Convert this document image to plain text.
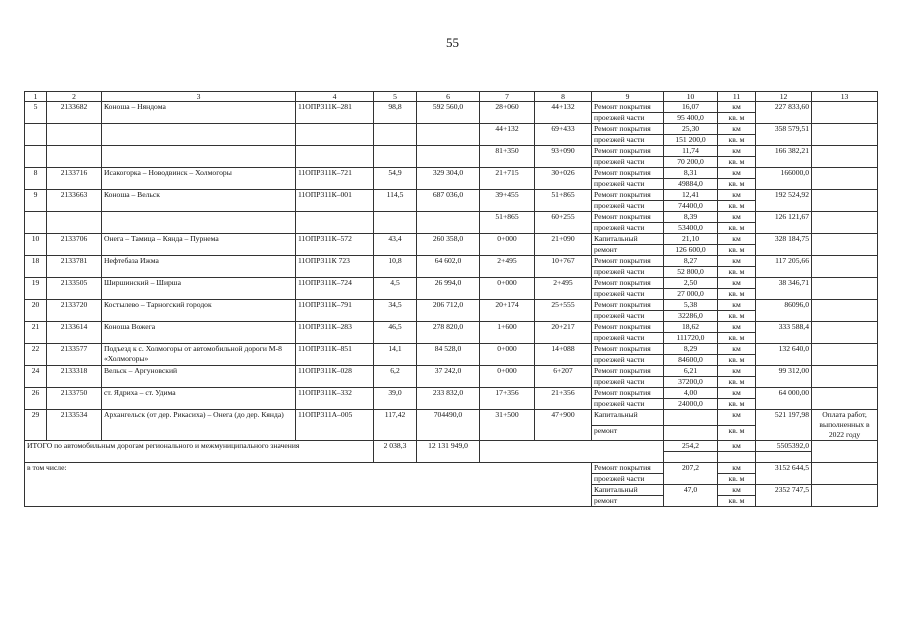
55
1	2	3	4	5	6	7	8	9	10	11	12	13
5	2133682	Коноша – Няндома	11ОПР311К–281	98,8	592 560,0	28+060	44+132	Ремонт покрытия	16,07	км	227 833,60	
								проезжей части	95 400,0	кв. м		
						44+132	69+433	Ремонт покрытия	25,30	км	358 579,51	
								проезжей части	151 200,0	кв. м		
						81+350	93+090	Ремонт покрытия	11,74	км	166 382,21	
								проезжей части	70 200,0	кв. м		
8	2133716	Исакогорка – Новодвинск – Холмогоры	11ОПР311К–721	54,9	329 304,0	21+715	30+026	Ремонт покрытия	8,31	км	166000,0	
								проезжей части	49884,0	кв. м		
9	2133663	Коноша – Вельск	11ОПР311К–001	114,5	687 036,0	39+455	51+865	Ремонт покрытия	12,41	км	192 524,92	
								проезжей части	74400,0	кв. м		
						51+865	60+255	Ремонт покрытия	8,39	км	126 121,67	
								проезжей части	53400,0	кв. м		
10	2133706	Онега – Тамица – Кянда – Пурнема	11ОПР311К–572	43,4	260 358,0	0+000	21+090	Капитальный	21,10	км	328 184,75	
								ремонт	126 600,0	кв. м		
18	2133781	Нефтебаза Ижма	11ОПР311К 723	10,8	64 602,0	2+495	10+767	Ремонт покрытия	8,27	км	117 205,66	
								проезжей части	52 800,0	кв. м		
19	2133505	Ширшинский – Ширша	11ОПР311К–724	4,5	26 994,0	0+000	2+495	Ремонт покрытия	2,50	км	38 346,71	
								проезжей части	27 000,0	кв. м		
20	2133720	Костылево – Тарногский городок	11ОПР311К–791	34,5	206 712,0	20+174	25+555	Ремонт покрытия	5,38	км	86096,0	
								проезжей части	32286,0	кв. м		
21	2133614	Коноша Вожега	11ОПР311К–283	46,5	278 820,0	1+600	20+217	Ремонт покрытия	18,62	км	333 588,4	
								проезжей части	111720,0	кв. м		
22	2133577	Подъезд к с. Холмогоры от автомобильной дороги М-8 «Холмогоры»	11ОПР311К–851	14,1	84 528,0	0+000	14+088	Ремонт покрытия	8,29	км	132 640,0	
								проезжей части	84600,0	кв. м		
24	2133318	Вельск – Аргуновский	11ОПР311К–028	6,2	37 242,0	0+000	6+207	Ремонт покрытия	6,21	км	99 312,00	
								проезжей части	37200,0	кв. м		
26	2133750	ст. Ядриха – ст. Удима	11ОПР311К–332	39,0	233 832,0	17+356	21+356	Ремонт покрытия	4,00	км	64 000,00	
								проезжей части	24000,0	кв. м		
29	2133534	Архангельск (от дер. Рикасиха) – Онега (до дер. Кянда)	11ОПР311А–005	117,42	704490,0	31+500	47+900	Капитальный		км	521 197,98	Оплата работ, выполненных в 2022 году
								ремонт		кв. м		
ИТОГО по автомобильным дорогам регионального и межмуниципального значения				2 038,3	12 131 949,0				254,2	км	5505392,0	

в том числе:								Ремонт покрытия	207,2	км	3152 644,5	
								проезжей части		кв. м		
								Капитальный	47,0	км	2352 747,5	
								ремонт		кв. м		
